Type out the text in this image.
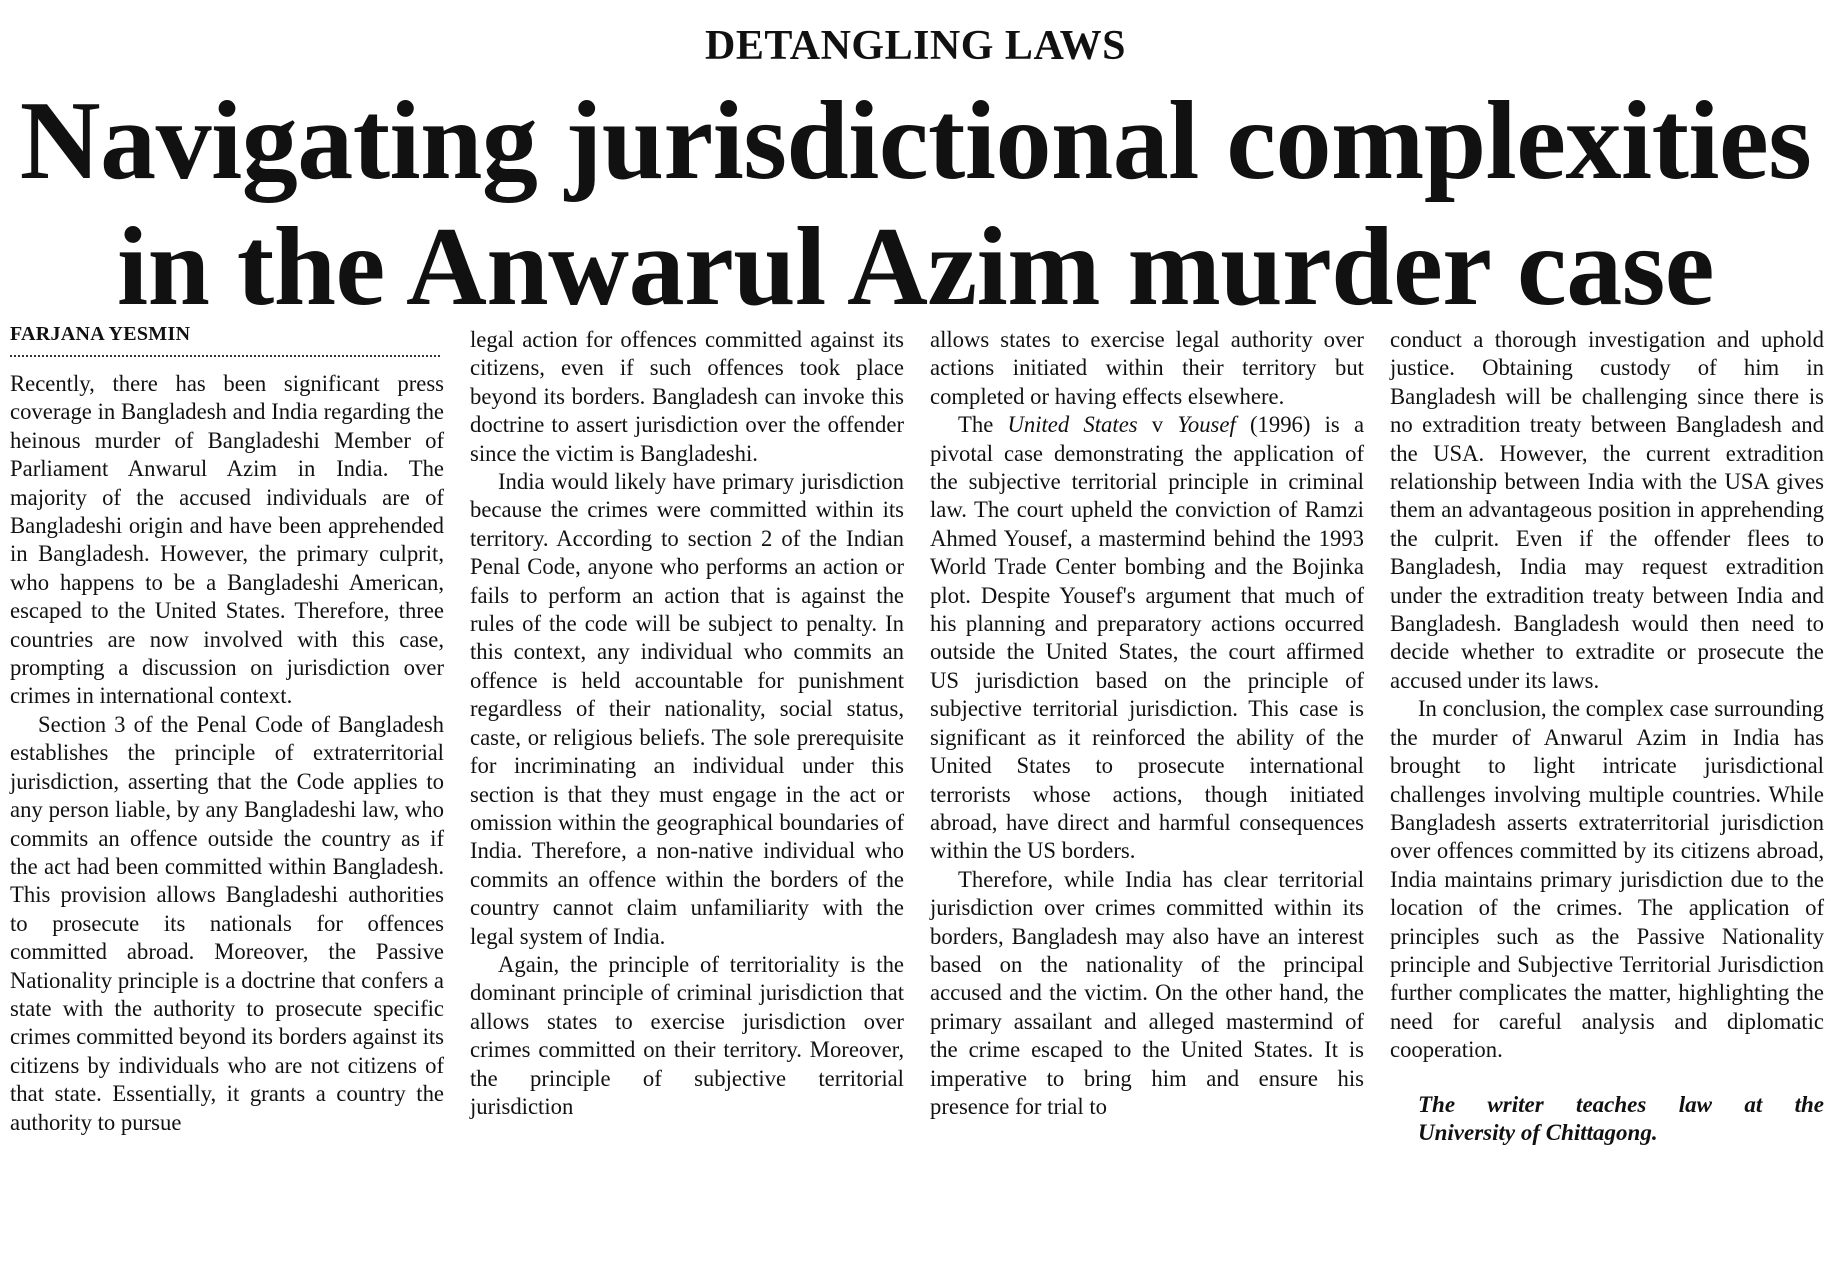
DETANGLING LAWS
Navigating jurisdictional complexities
in the Anwarul Azim murder case
FARJANA YESMIN

Recently, there has been significant press coverage in Bangladesh and India regarding the heinous murder of Bangladeshi Member of Parliament Anwarul Azim in India. The majority of the accused individuals are of Bangladeshi origin and have been apprehended in Bangladesh. However, the primary culprit, who happens to be a Bangladeshi American, escaped to the United States. Therefore, three countries are now involved with this case, prompting a discussion on jurisdiction over crimes in international context.

Section 3 of the Penal Code of Bangladesh establishes the principle of extraterritorial jurisdiction, asserting that the Code applies to any person liable, by any Bangladeshi law, who commits an offence outside the country as if the act had been committed within Bangladesh. This provision allows Bangladeshi authorities to prosecute its nationals for offences committed abroad. Moreover, the Passive Nationality principle is a doctrine that confers a state with the authority to prosecute specific crimes committed beyond its borders against its citizens by individuals who are not citizens of that state. Essentially, it grants a country the authority to pursue

legal action for offences committed against its citizens, even if such offences took place beyond its borders. Bangladesh can invoke this doctrine to assert jurisdiction over the offender since the victim is Bangladeshi.

India would likely have primary jurisdiction because the crimes were committed within its territory. According to section 2 of the Indian Penal Code, anyone who performs an action or fails to perform an action that is against the rules of the code will be subject to penalty. In this context, any individual who commits an offence is held accountable for punishment regardless of their nationality, social status, caste, or religious beliefs. The sole prerequisite for incriminating an individual under this section is that they must engage in the act or omission within the geographical boundaries of India. Therefore, a non-native individual who commits an offence within the borders of the country cannot claim unfamiliarity with the legal system of India.

Again, the principle of territoriality is the dominant principle of criminal jurisdiction that allows states to exercise jurisdiction over crimes committed on their territory. Moreover, the principle of subjective territorial jurisdiction

allows states to exercise legal authority over actions initiated within their territory but completed or having effects elsewhere.

The United States v Yousef (1996) is a pivotal case demonstrating the application of the subjective territorial principle in criminal law. The court upheld the conviction of Ramzi Ahmed Yousef, a mastermind behind the 1993 World Trade Center bombing and the Bojinka plot. Despite Yousef's argument that much of his planning and preparatory actions occurred outside the United States, the court affirmed US jurisdiction based on the principle of subjective territorial jurisdiction. This case is significant as it reinforced the ability of the United States to prosecute international terrorists whose actions, though initiated abroad, have direct and harmful consequences within the US borders.

Therefore, while India has clear territorial jurisdiction over crimes committed within its borders, Bangladesh may also have an interest based on the nationality of the principal accused and the victim. On the other hand, the primary assailant and alleged mastermind of the crime escaped to the United States. It is imperative to bring him and ensure his presence for trial to

conduct a thorough investigation and uphold justice. Obtaining custody of him in Bangladesh will be challenging since there is no extradition treaty between Bangladesh and the USA. However, the current extradition relationship between India with the USA gives them an advantageous position in apprehending the culprit. Even if the offender flees to Bangladesh, India may request extradition under the extradition treaty between India and Bangladesh. Bangladesh would then need to decide whether to extradite or prosecute the accused under its laws.

In conclusion, the complex case surrounding the murder of Anwarul Azim in India has brought to light intricate jurisdictional challenges involving multiple countries. While Bangladesh asserts extraterritorial jurisdiction over offences committed by its citizens abroad, India maintains primary jurisdiction due to the location of the crimes. The application of principles such as the Passive Nationality principle and Subjective Territorial Jurisdiction further complicates the matter, highlighting the need for careful analysis and diplomatic cooperation.

The writer teaches law at the
University of Chittagong.
